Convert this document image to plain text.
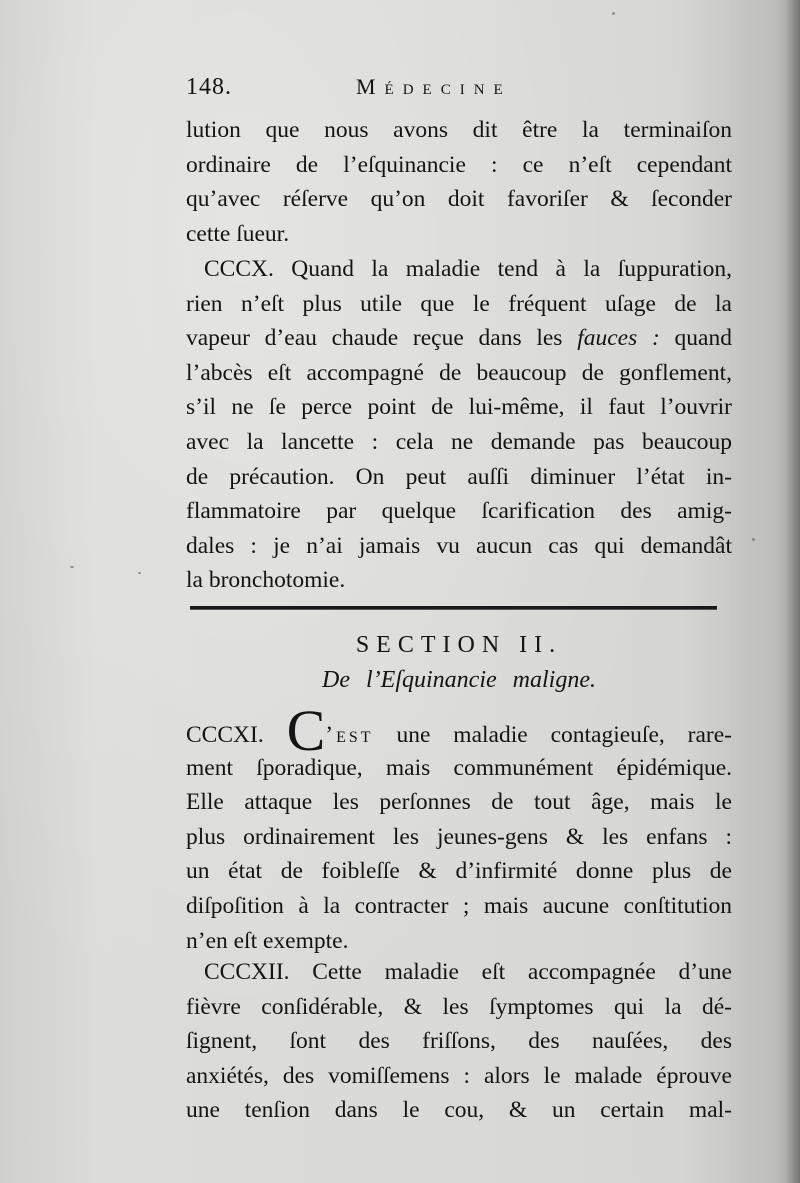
148.	Médecine
lution que nous avons dit être la terminaiſon
ordinaire de l’eſquinancie : ce n’eſt cependant
qu’avec réſerve qu’on doit favoriſer & ſeconder
cette ſueur.
CCCX. Quand la maladie tend à la ſuppuration,
rien n’eſt plus utile que le fréquent uſage de la
vapeur d’eau chaude reçue dans les fauces : quand
l’abcès eſt accompagné de beaucoup de gonflement,
s’il ne ſe perce point de lui-même, il faut l’ouvrir
avec la lancette : cela ne demande pas beaucoup
de précaution. On peut auſſi diminuer l’état in-
flammatoire par quelque ſcarification des amig-
dales : je n’ai jamais vu aucun cas qui demandât
la bronchotomie.
SECTION II.
De l’Eſquinancie maligne.
CCCXI. C’est une maladie contagieuſe, rare-
ment ſporadique, mais communément épidémique.
Elle attaque les perſonnes de tout âge, mais le
plus ordinairement les jeunes-gens & les enfans :
un état de foibleſſe & d’infirmité donne plus de
diſpoſition à la contracter ; mais aucune conſtitution
n’en eſt exempte.
CCCXII. Cette maladie eſt accompagnée d’une
fièvre conſidérable, & les ſymptomes qui la dé-
ſignent, ſont des friſſons, des nauſées, des
anxiétés, des vomiſſemens : alors le malade éprouve
une tenſion dans le cou, & un certain mal-
